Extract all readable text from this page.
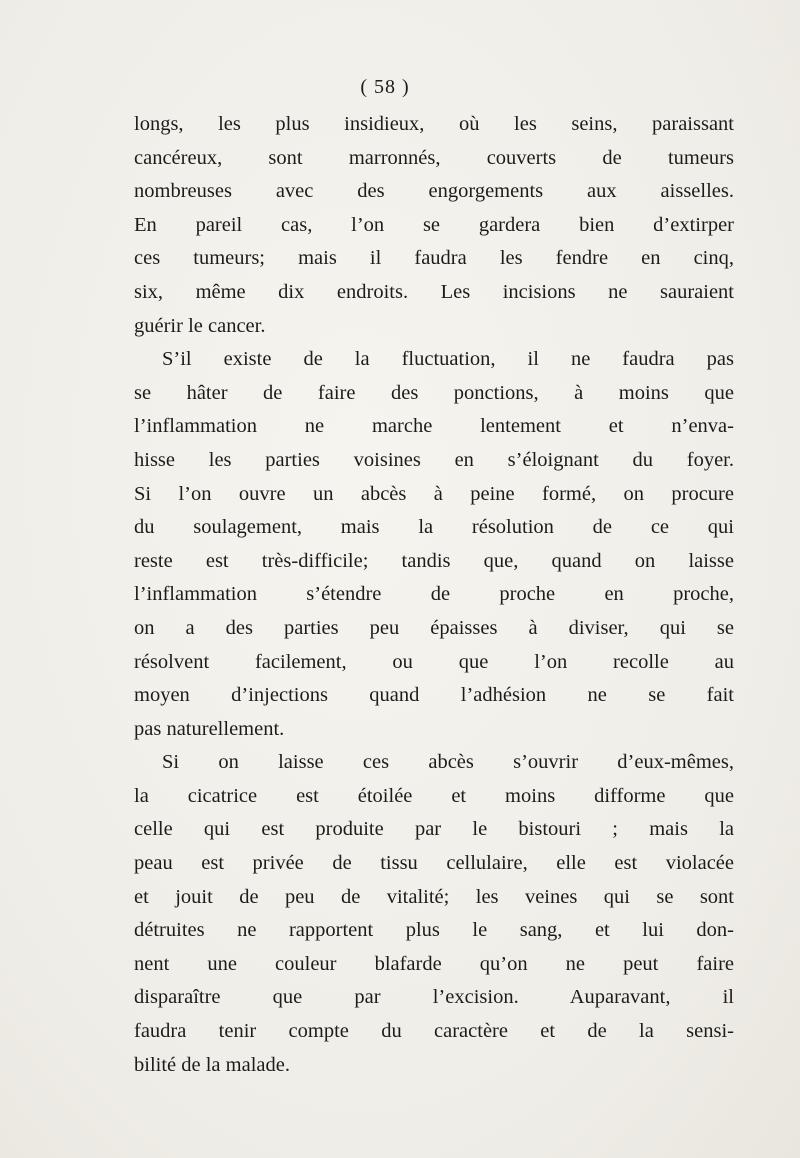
( 58 )
longs, les plus insidieux, où les seins, paraissant
cancéreux, sont marronnés, couverts de tumeurs
nombreuses avec des engorgements aux aisselles.
En pareil cas, l’on se gardera bien d’extirper
ces tumeurs; mais il faudra les fendre en cinq,
six, même dix endroits. Les incisions ne sauraient
guérir le cancer.
S’il existe de la fluctuation, il ne faudra pas
se hâter de faire des ponctions, à moins que
l’inflammation ne marche lentement et n’enva-
hisse les parties voisines en s’éloignant du foyer.
Si l’on ouvre un abcès à peine formé, on procure
du soulagement, mais la résolution de ce qui
reste est très-difficile; tandis que, quand on laisse
l’inflammation s’étendre de proche en proche,
on a des parties peu épaisses à diviser, qui se
résolvent facilement, ou que l’on recolle au
moyen d’injections quand l’adhésion ne se fait
pas naturellement.
Si on laisse ces abcès s’ouvrir d’eux-mêmes,
la cicatrice est étoilée et moins difforme que
celle qui est produite par le bistouri ; mais la
peau est privée de tissu cellulaire, elle est violacée
et jouit de peu de vitalité; les veines qui se sont
détruites ne rapportent plus le sang, et lui don-
nent une couleur blafarde qu’on ne peut faire
disparaître que par l’excision. Auparavant, il
faudra tenir compte du caractère et de la sensi-
bilité de la malade.
